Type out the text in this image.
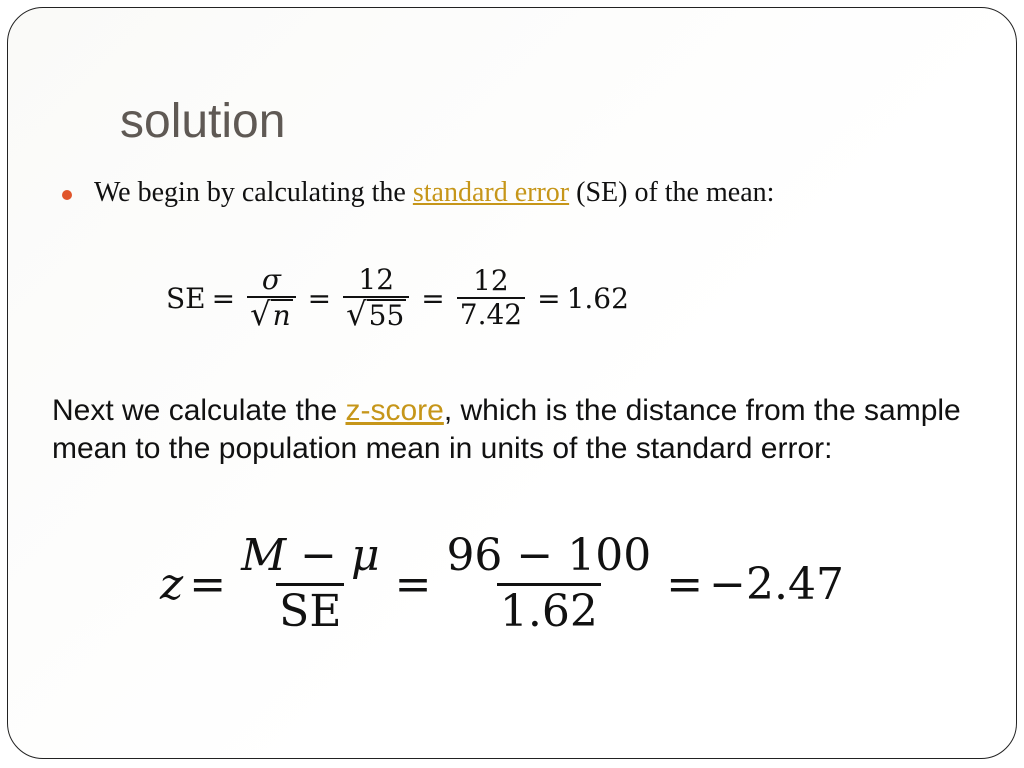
solution
We begin by calculating the standard error (SE) of the mean:
SE = $\frac{\sigma}{√ n} = \frac{12}{√ 55} = \frac{12}{7.42} = 1.62$
Next we calculate the z-score, which is the distance from the sample mean to the population mean in units of the standard error:
$z = \frac{M - \mu}{SE} = \frac{96 - 100}{1.62} = -2.47$
